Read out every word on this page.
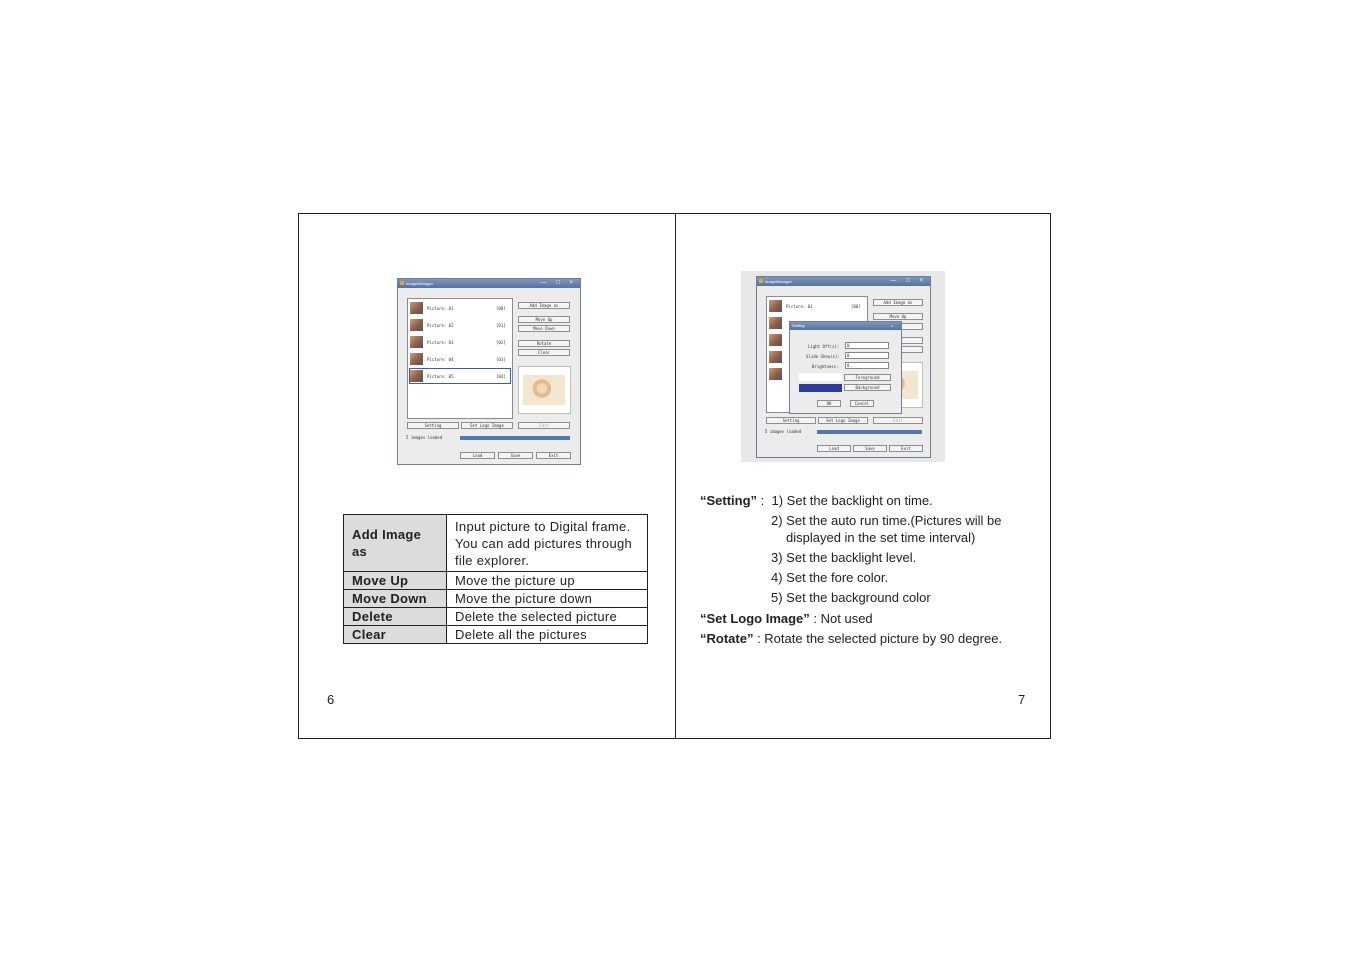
6	7
ImageManager	— □ ×
Picture: 01	[00]
Picture: 02	[01]
Picture: 03	[02]
Picture: 04	[03]
Picture: 05	[04]
Add Image as
Move Up
Move Down
Rotate
Clear
Setting	Set Logo Image	Edit
5 images loaded
Load	Save	Exit
ImageManager	— □ ×
Picture: 01	[00]
Add Image as
Move Up
Setting	Set Logo Image	Edit
5 images loaded
Load	Save	Exit
Setting	×
Light Off(s):	0
Slide Show(s):	0
Brightness:	0
Foreground
Background
OK	Cancel
Add Image as	Input picture to Digital frame. You can add pictures through file explorer.
Move Up	Move the picture up
Move Down	Move the picture down
Delete	Delete the selected picture
Clear	Delete all the pictures
“Setting” :  1) Set the backlight on time.
2) Set the auto run time.(Pictures will be
displayed in the set time interval)
3) Set the backlight level.
4) Set the fore color.
5) Set the background color
“Set Logo Image” : Not used
“Rotate” : Rotate the selected picture by 90 degree.
